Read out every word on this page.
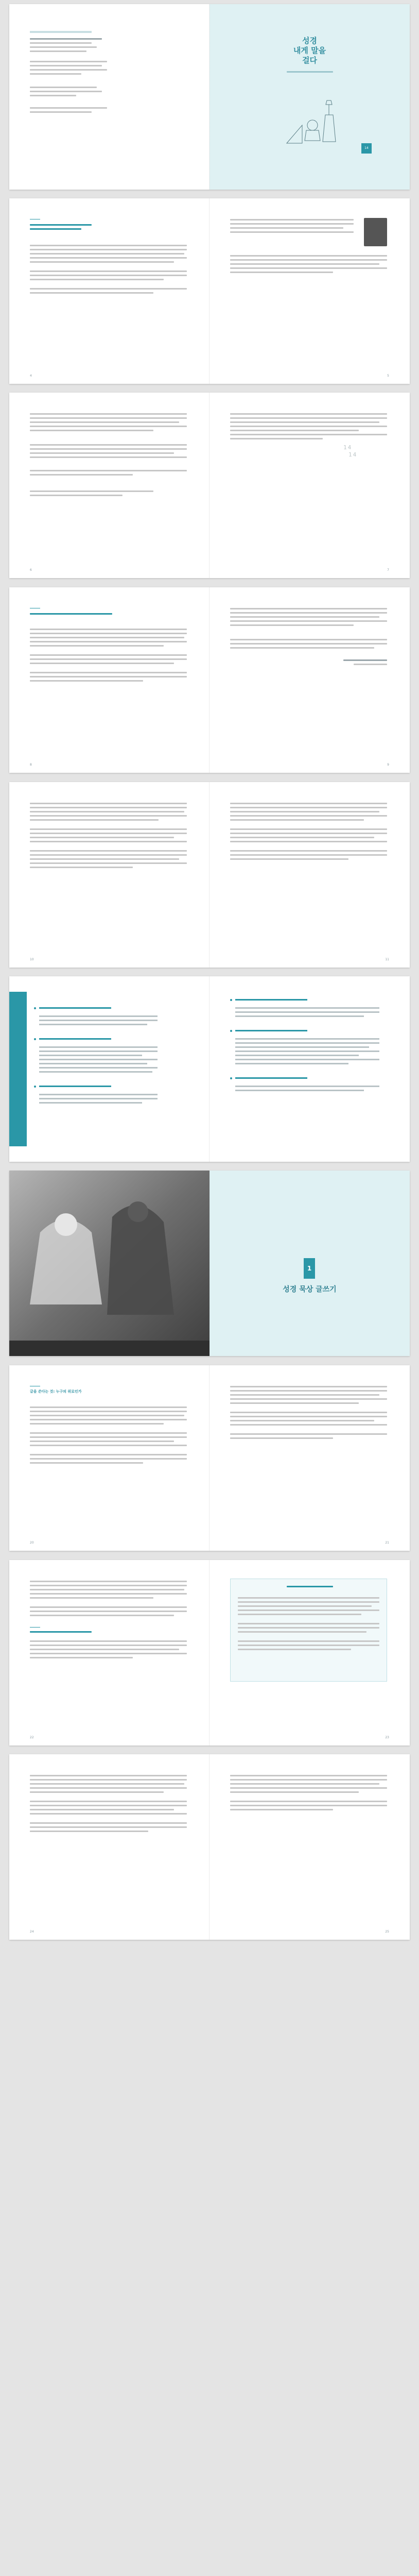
성경
내게 말을
걸다
14
4	5
6
14
14
7
8	9
10	11
1
성경 묵상 글쓰기
글을 쓴다는 것: 누구의 위로인가
20	21
22	23
24	25
